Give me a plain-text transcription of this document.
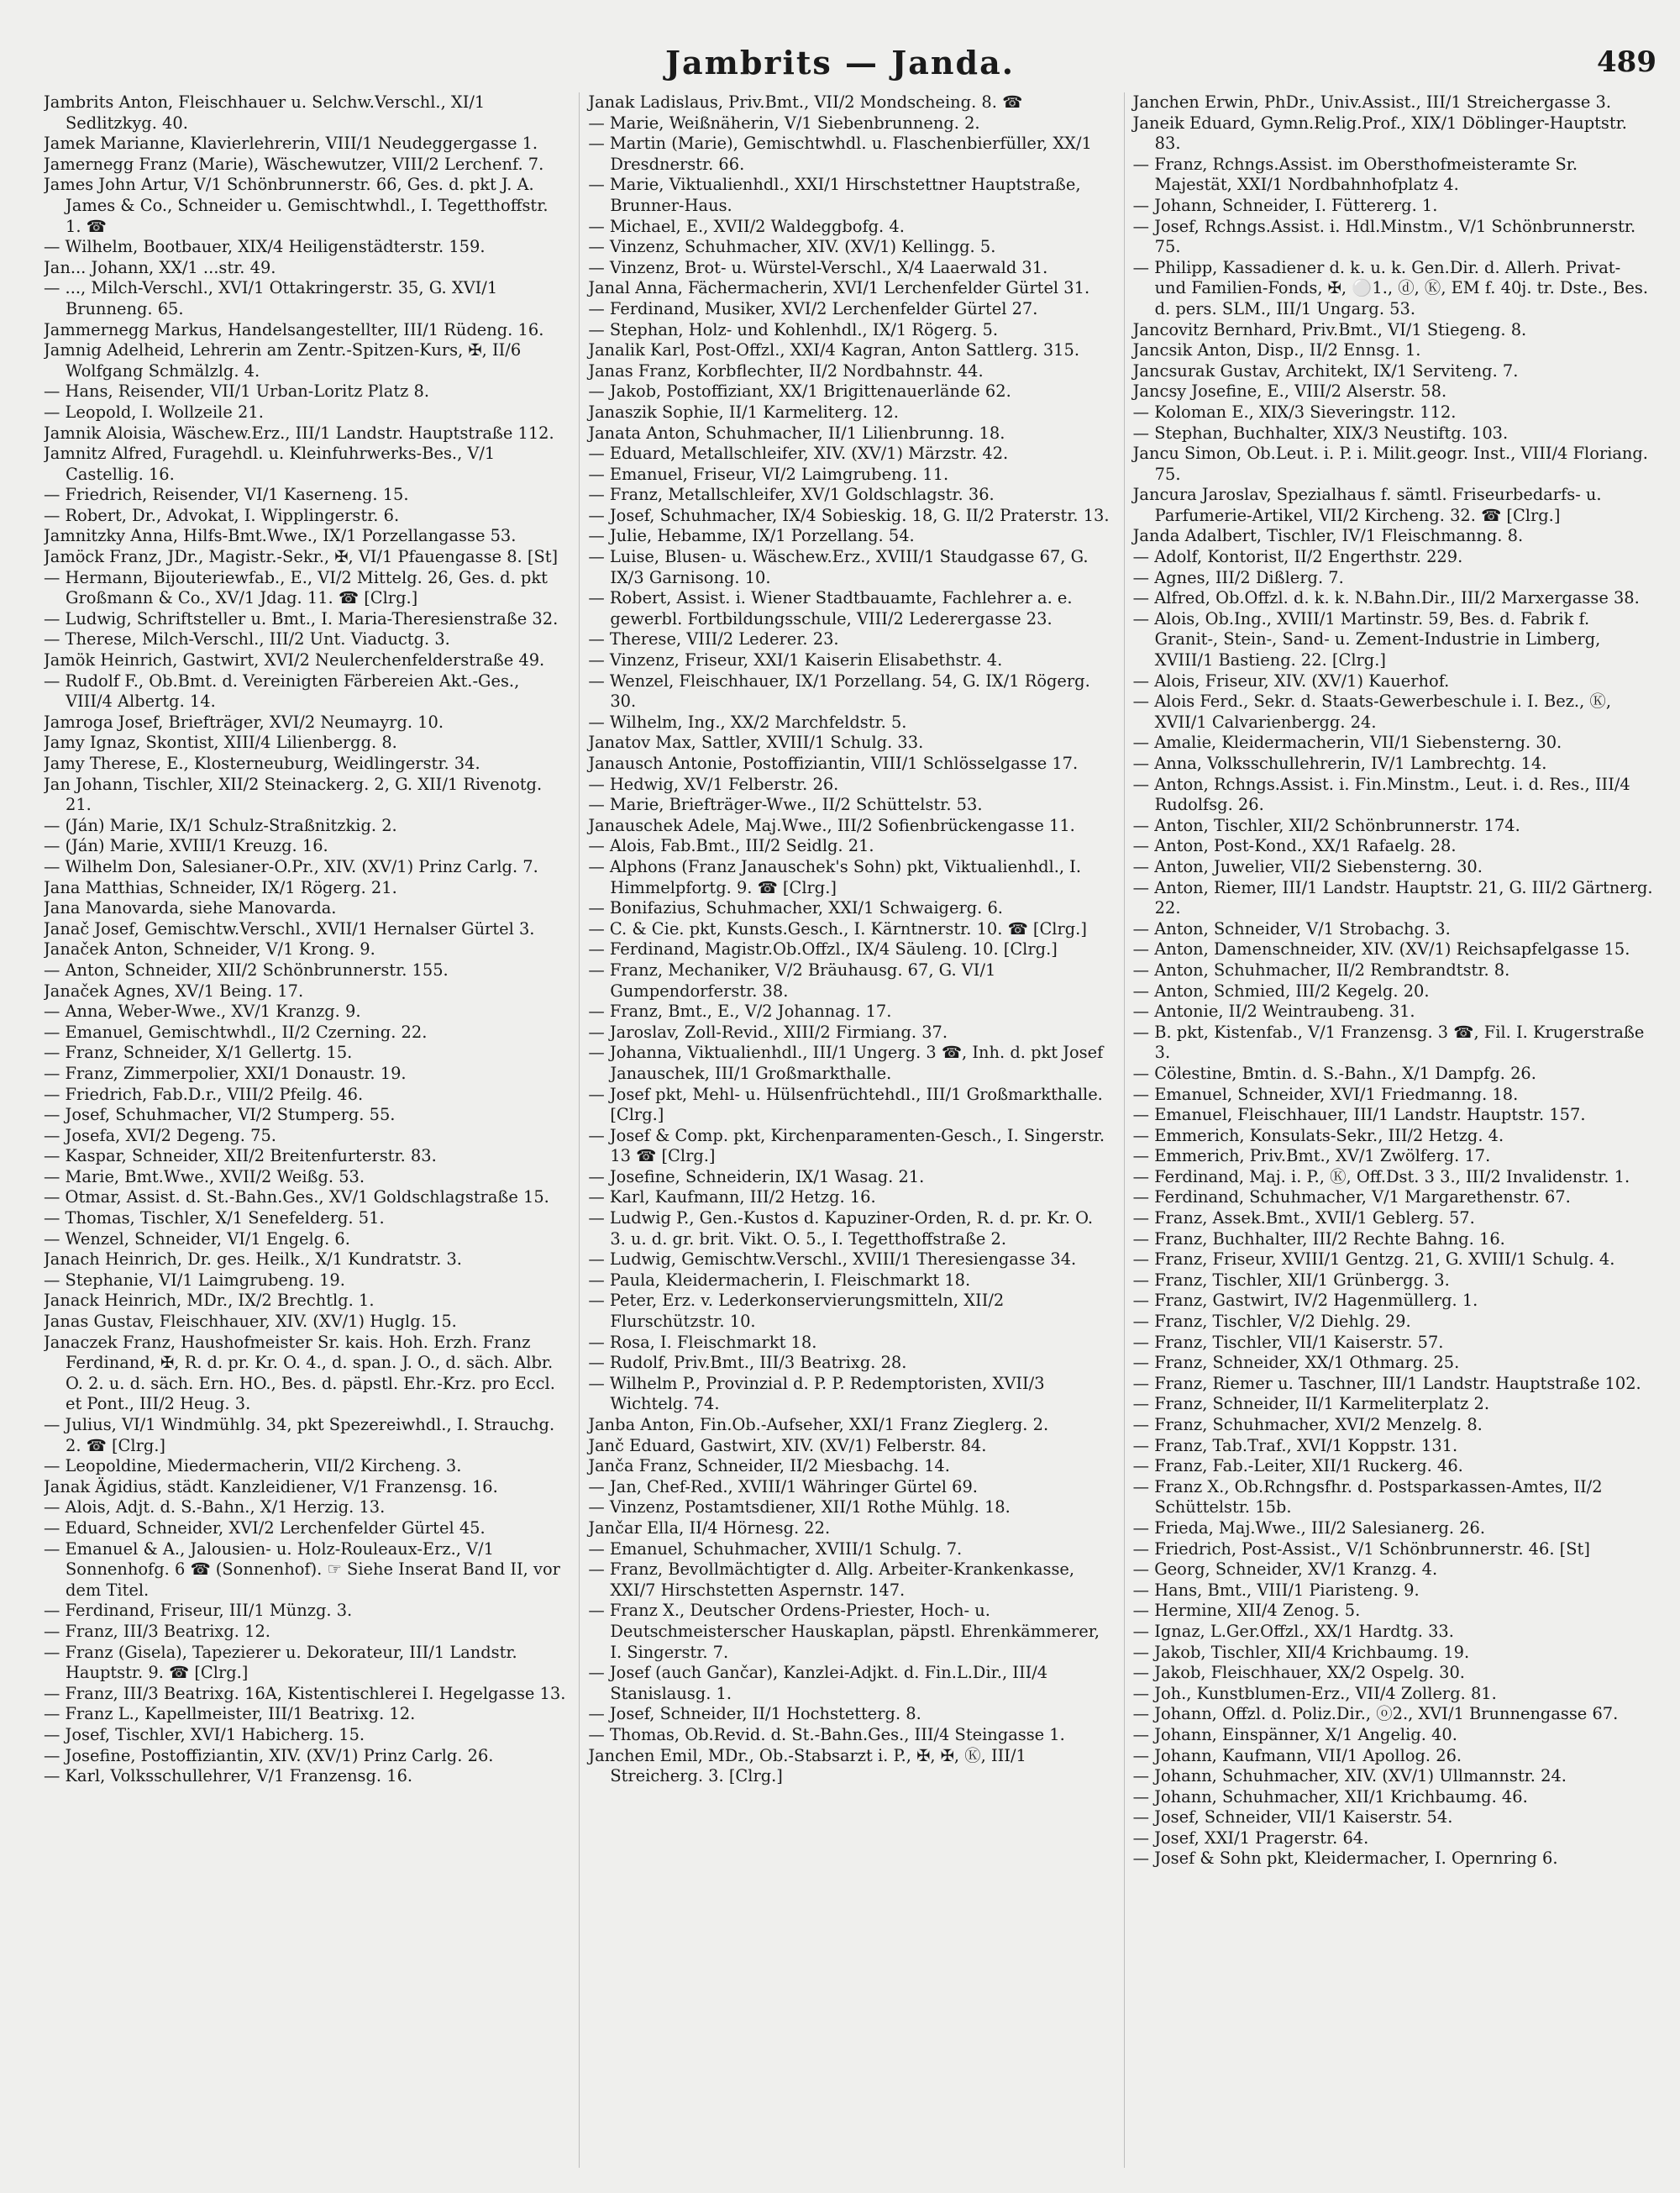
Jambrits — Janda.	489
Jambrits Anton, Fleischhauer u. Selchw.Verschl., XI/1 Sedlitzkyg. 40.
Jamek Marianne, Klavierlehrerin, VIII/1 Neudeggergasse 1.
Jamernegg Franz (Marie), Wäschewutzer, VIII/2 Lerchenf. 7.
James John Artur, V/1 Schönbrunnerstr. 66, Ges. d. pkt J. A. James & Co., Schneider u. Gemischtwhdl., I. Tegetthoffstr. 1. ☎
— Wilhelm, Bootbauer, XIX/4 Heiligenstädterstr. 159.
Jan... Johann, XX/1 ...str. 49.
— ..., Milch-Verschl., XVI/1 Ottakringerstr. 35, G. XVI/1 Brunneng. 65.
Jammernegg Markus, Handelsangestellter, III/1 Rüdeng. 16.
Jamnig Adelheid, Lehrerin am Zentr.-Spitzen-Kurs, ✠, II/6 Wolfgang Schmälzlg. 4.
— Hans, Reisender, VII/1 Urban-Loritz Platz 8.
— Leopold, I. Wollzeile 21.
Jamnik Aloisia, Wäschew.Erz., III/1 Landstr. Hauptstraße 112.
Jamnitz Alfred, Furagehdl. u. Kleinfuhrwerks-Bes., V/1 Castellig. 16.
— Friedrich, Reisender, VI/1 Kaserneng. 15.
— Robert, Dr., Advokat, I. Wipplingerstr. 6.
Jamnitzky Anna, Hilfs-Bmt.Wwe., IX/1 Porzellangasse 53.
Jamöck Franz, JDr., Magistr.-Sekr., ✠, VI/1 Pfauengasse 8. [St]
— Hermann, Bijouteriewfab., E., VI/2 Mittelg. 26, Ges. d. pkt Großmann & Co., XV/1 Jdag. 11. ☎ [Clrg.]
— Ludwig, Schriftsteller u. Bmt., I. Maria-Theresienstraße 32.
— Therese, Milch-Verschl., III/2 Unt. Viaductg. 3.
Jamök Heinrich, Gastwirt, XVI/2 Neulerchenfelderstraße 49.
— Rudolf F., Ob.Bmt. d. Vereinigten Färbereien Akt.-Ges., VIII/4 Albertg. 14.
Jamroga Josef, Briefträger, XVI/2 Neumayrg. 10.
Jamy Ignaz, Skontist, XIII/4 Lilienbergg. 8.
Jamy Therese, E., Klosterneuburg, Weidlingerstr. 34.
Jan Johann, Tischler, XII/2 Steinackerg. 2, G. XII/1 Rivenotg. 21.
— (Ján) Marie, IX/1 Schulz-Straßnitzkig. 2.
— (Ján) Marie, XVIII/1 Kreuzg. 16.
— Wilhelm Don, Salesianer-O.Pr., XIV. (XV/1) Prinz Carlg. 7.
Jana Matthias, Schneider, IX/1 Rögerg. 21.
Jana Manovarda, siehe Manovarda.
Janač Josef, Gemischtw.Verschl., XVII/1 Hernalser Gürtel 3.
Janaček Anton, Schneider, V/1 Krong. 9.
— Anton, Schneider, XII/2 Schönbrunnerstr. 155.
Janaček Agnes, XV/1 Being. 17.
— Anna, Weber-Wwe., XV/1 Kranzg. 9.
— Emanuel, Gemischtwhdl., II/2 Czerning. 22.
— Franz, Schneider, X/1 Gellertg. 15.
— Franz, Zimmerpolier, XXI/1 Donaustr. 19.
— Friedrich, Fab.D.r., VIII/2 Pfeilg. 46.
— Josef, Schuhmacher, VI/2 Stumperg. 55.
— Josefa, XVI/2 Degeng. 75.
— Kaspar, Schneider, XII/2 Breitenfurterstr. 83.
— Marie, Bmt.Wwe., XVII/2 Weißg. 53.
— Otmar, Assist. d. St.-Bahn.Ges., XV/1 Goldschlagstraße 15.
— Thomas, Tischler, X/1 Senefelderg. 51.
— Wenzel, Schneider, VI/1 Engelg. 6.
Janach Heinrich, Dr. ges. Heilk., X/1 Kundratstr. 3.
— Stephanie, VI/1 Laimgrubeng. 19.
Janack Heinrich, MDr., IX/2 Brechtlg. 1.
Janas Gustav, Fleischhauer, XIV. (XV/1) Huglg. 15.
Janaczek Franz, Haushofmeister Sr. kais. Hoh. Erzh. Franz Ferdinand, ✠, R. d. pr. Kr. O. 4., d. span. J. O., d. säch. Albr. O. 2. u. d. säch. Ern. HO., Bes. d. päpstl. Ehr.-Krz. pro Eccl. et Pont., III/2 Heug. 3.
— Julius, VI/1 Windmühlg. 34, pkt Spezereiwhdl., I. Strauchg. 2. ☎ [Clrg.]
— Leopoldine, Miedermacherin, VII/2 Kircheng. 3.
Janak Ägidius, städt. Kanzleidiener, V/1 Franzensg. 16.
— Alois, Adjt. d. S.-Bahn., X/1 Herzig. 13.
— Eduard, Schneider, XVI/2 Lerchenfelder Gürtel 45.
— Emanuel & A., Jalousien- u. Holz-Rouleaux-Erz., V/1 Sonnenhofg. 6 ☎ (Sonnenhof). ☞ Siehe Inserat Band II, vor dem Titel.
— Ferdinand, Friseur, III/1 Münzg. 3.
— Franz, III/3 Beatrixg. 12.
— Franz (Gisela), Tapezierer u. Dekorateur, III/1 Landstr. Hauptstr. 9. ☎ [Clrg.]
— Franz, III/3 Beatrixg. 16A, Kistentischlerei I. Hegelgasse 13.
— Franz L., Kapellmeister, III/1 Beatrixg. 12.
— Josef, Tischler, XVI/1 Habicherg. 15.
— Josefine, Postoffiziantin, XIV. (XV/1) Prinz Carlg. 26.
— Karl, Volksschullehrer, V/1 Franzensg. 16.
Janak Ladislaus, Priv.Bmt., VII/2 Mondscheing. 8. ☎
— Marie, Weißnäherin, V/1 Siebenbrunneng. 2.
— Martin (Marie), Gemischtwhdl. u. Flaschenbierfüller, XX/1 Dresdnerstr. 66.
— Marie, Viktualienhdl., XXI/1 Hirschstettner Hauptstraße, Brunner-Haus.
— Michael, E., XVII/2 Waldeggbofg. 4.
— Vinzenz, Schuhmacher, XIV. (XV/1) Kellingg. 5.
— Vinzenz, Brot- u. Würstel-Verschl., X/4 Laaerwald 31.
Janal Anna, Fächermacherin, XVI/1 Lerchenfelder Gürtel 31.
— Ferdinand, Musiker, XVI/2 Lerchenfelder Gürtel 27.
— Stephan, Holz- und Kohlenhdl., IX/1 Rögerg. 5.
Janalik Karl, Post-Offzl., XXI/4 Kagran, Anton Sattlerg. 315.
Janas Franz, Korbflechter, II/2 Nordbahnstr. 44.
— Jakob, Postoffiziant, XX/1 Brigittenauerlände 62.
Janaszik Sophie, II/1 Karmeliterg. 12.
Janata Anton, Schuhmacher, II/1 Lilienbrunng. 18.
— Eduard, Metallschleifer, XIV. (XV/1) Märzstr. 42.
— Emanuel, Friseur, VI/2 Laimgrubeng. 11.
— Franz, Metallschleifer, XV/1 Goldschlagstr. 36.
— Josef, Schuhmacher, IX/4 Sobieskig. 18, G. II/2 Praterstr. 13.
— Julie, Hebamme, IX/1 Porzellang. 54.
— Luise, Blusen- u. Wäschew.Erz., XVIII/1 Staudgasse 67, G. IX/3 Garnisong. 10.
— Robert, Assist. i. Wiener Stadtbauamte, Fachlehrer a. e. gewerbl. Fortbildungsschule, VIII/2 Lederergasse 23.
— Therese, VIII/2 Lederer. 23.
— Vinzenz, Friseur, XXI/1 Kaiserin Elisabethstr. 4.
— Wenzel, Fleischhauer, IX/1 Porzellang. 54, G. IX/1 Rögerg. 30.
— Wilhelm, Ing., XX/2 Marchfeldstr. 5.
Janatov Max, Sattler, XVIII/1 Schulg. 33.
Janausch Antonie, Postoffiziantin, VIII/1 Schlösselgasse 17.
— Hedwig, XV/1 Felberstr. 26.
— Marie, Briefträger-Wwe., II/2 Schüttelstr. 53.
Janauschek Adele, Maj.Wwe., III/2 Sofienbrückengasse 11.
— Alois, Fab.Bmt., III/2 Seidlg. 21.
— Alphons (Franz Janauschek's Sohn) pkt, Viktualienhdl., I. Himmelpfortg. 9. ☎ [Clrg.]
— Bonifazius, Schuhmacher, XXI/1 Schwaigerg. 6.
— C. & Cie. pkt, Kunsts.Gesch., I. Kärntnerstr. 10. ☎ [Clrg.]
— Ferdinand, Magistr.Ob.Offzl., IX/4 Säuleng. 10. [Clrg.]
— Franz, Mechaniker, V/2 Bräuhausg. 67, G. VI/1 Gumpendorferstr. 38.
— Franz, Bmt., E., V/2 Johannag. 17.
— Jaroslav, Zoll-Revid., XIII/2 Firmiang. 37.
— Johanna, Viktualienhdl., III/1 Ungerg. 3 ☎, Inh. d. pkt Josef Janauschek, III/1 Großmarkthalle.
— Josef pkt, Mehl- u. Hülsenfrüchtehdl., III/1 Großmarkthalle. [Clrg.]
— Josef & Comp. pkt, Kirchenparamenten-Gesch., I. Singerstr. 13 ☎ [Clrg.]
— Josefine, Schneiderin, IX/1 Wasag. 21.
— Karl, Kaufmann, III/2 Hetzg. 16.
— Ludwig P., Gen.-Kustos d. Kapuziner-Orden, R. d. pr. Kr. O. 3. u. d. gr. brit. Vikt. O. 5., I. Tegetthoffstraße 2.
— Ludwig, Gemischtw.Verschl., XVIII/1 Theresiengasse 34.
— Paula, Kleidermacherin, I. Fleischmarkt 18.
— Peter, Erz. v. Lederkonservierungsmitteln, XII/2 Flurschützstr. 10.
— Rosa, I. Fleischmarkt 18.
— Rudolf, Priv.Bmt., III/3 Beatrixg. 28.
— Wilhelm P., Provinzial d. P. P. Redemptoristen, XVII/3 Wichtelg. 74.
Janba Anton, Fin.Ob.-Aufseher, XXI/1 Franz Zieglerg. 2.
Janč Eduard, Gastwirt, XIV. (XV/1) Felberstr. 84.
Janča Franz, Schneider, II/2 Miesbachg. 14.
— Jan, Chef-Red., XVIII/1 Währinger Gürtel 69.
— Vinzenz, Postamtsdiener, XII/1 Rothe Mühlg. 18.
Jančar Ella, II/4 Hörnesg. 22.
— Emanuel, Schuhmacher, XVIII/1 Schulg. 7.
— Franz, Bevollmächtigter d. Allg. Arbeiter-Krankenkasse, XXI/7 Hirschstetten Aspernstr. 147.
— Franz X., Deutscher Ordens-Priester, Hoch- u. Deutschmeisterscher Hauskaplan, päpstl. Ehrenkämmerer, I. Singerstr. 7.
— Josef (auch Gančar), Kanzlei-Adjkt. d. Fin.L.Dir., III/4 Stanislausg. 1.
— Josef, Schneider, II/1 Hochstetterg. 8.
— Thomas, Ob.Revid. d. St.-Bahn.Ges., III/4 Steingasse 1.
Janchen Emil, MDr., Ob.-Stabsarzt i. P., ✠, ✠, Ⓚ, III/1 Streicherg. 3. [Clrg.]
Janchen Erwin, PhDr., Univ.Assist., III/1 Streichergasse 3.
Janeik Eduard, Gymn.Relig.Prof., XIX/1 Döblinger-Hauptstr. 83.
— Franz, Rchngs.Assist. im Obersthofmeisteramte Sr. Majestät, XXI/1 Nordbahnhofplatz 4.
— Johann, Schneider, I. Füttererg. 1.
— Josef, Rchngs.Assist. i. Hdl.Minstm., V/1 Schönbrunnerstr. 75.
— Philipp, Kassadiener d. k. u. k. Gen.Dir. d. Allerh. Privat- und Familien-Fonds, ✠, ⚪1., ⓓ, Ⓚ, EM f. 40j. tr. Dste., Bes. d. pers. SLM., III/1 Ungarg. 53.
Jancovitz Bernhard, Priv.Bmt., VI/1 Stiegeng. 8.
Jancsik Anton, Disp., II/2 Ennsg. 1.
Jancsurak Gustav, Architekt, IX/1 Serviteng. 7.
Jancsy Josefine, E., VIII/2 Alserstr. 58.
— Koloman E., XIX/3 Sieveringstr. 112.
— Stephan, Buchhalter, XIX/3 Neustiftg. 103.
Jancu Simon, Ob.Leut. i. P. i. Milit.geogr. Inst., VIII/4 Floriang. 75.
Jancura Jaroslav, Spezialhaus f. sämtl. Friseurbedarfs- u. Parfumerie-Artikel, VII/2 Kircheng. 32. ☎ [Clrg.]
Janda Adalbert, Tischler, IV/1 Fleischmanng. 8.
— Adolf, Kontorist, II/2 Engerthstr. 229.
— Agnes, III/2 Dißlerg. 7.
— Alfred, Ob.Offzl. d. k. k. N.Bahn.Dir., III/2 Marxergasse 38.
— Alois, Ob.Ing., XVIII/1 Martinstr. 59, Bes. d. Fabrik f. Granit-, Stein-, Sand- u. Zement-Industrie in Limberg, XVIII/1 Bastieng. 22. [Clrg.]
— Alois, Friseur, XIV. (XV/1) Kauerhof.
— Alois Ferd., Sekr. d. Staats-Gewerbeschule i. I. Bez., Ⓚ, XVII/1 Calvarienbergg. 24.
— Amalie, Kleidermacherin, VII/1 Siebensterng. 30.
— Anna, Volksschullehrerin, IV/1 Lambrechtg. 14.
— Anton, Rchngs.Assist. i. Fin.Minstm., Leut. i. d. Res., III/4 Rudolfsg. 26.
— Anton, Tischler, XII/2 Schönbrunnerstr. 174.
— Anton, Post-Kond., XX/1 Rafaelg. 28.
— Anton, Juwelier, VII/2 Siebensterng. 30.
— Anton, Riemer, III/1 Landstr. Hauptstr. 21, G. III/2 Gärtnerg. 22.
— Anton, Schneider, V/1 Strobachg. 3.
— Anton, Damenschneider, XIV. (XV/1) Reichsapfelgasse 15.
— Anton, Schuhmacher, II/2 Rembrandtstr. 8.
— Anton, Schmied, III/2 Kegelg. 20.
— Antonie, II/2 Weintraubeng. 31.
— B. pkt, Kistenfab., V/1 Franzensg. 3 ☎, Fil. I. Krugerstraße 3.
— Cölestine, Bmtin. d. S.-Bahn., X/1 Dampfg. 26.
— Emanuel, Schneider, XVI/1 Friedmanng. 18.
— Emanuel, Fleischhauer, III/1 Landstr. Hauptstr. 157.
— Emmerich, Konsulats-Sekr., III/2 Hetzg. 4.
— Emmerich, Priv.Bmt., XV/1 Zwölferg. 17.
— Ferdinand, Maj. i. P., Ⓚ, Off.Dst. 3 3., III/2 Invalidenstr. 1.
— Ferdinand, Schuhmacher, V/1 Margarethenstr. 67.
— Franz, Assek.Bmt., XVII/1 Geblerg. 57.
— Franz, Buchhalter, III/2 Rechte Bahng. 16.
— Franz, Friseur, XVIII/1 Gentzg. 21, G. XVIII/1 Schulg. 4.
— Franz, Tischler, XII/1 Grünbergg. 3.
— Franz, Gastwirt, IV/2 Hagenmüllerg. 1.
— Franz, Tischler, V/2 Diehlg. 29.
— Franz, Tischler, VII/1 Kaiserstr. 57.
— Franz, Schneider, XX/1 Othmarg. 25.
— Franz, Riemer u. Taschner, III/1 Landstr. Hauptstraße 102.
— Franz, Schneider, II/1 Karmeliterplatz 2.
— Franz, Schuhmacher, XVI/2 Menzelg. 8.
— Franz, Tab.Traf., XVI/1 Koppstr. 131.
— Franz, Fab.-Leiter, XII/1 Ruckerg. 46.
— Franz X., Ob.Rchngsfhr. d. Postsparkassen-Amtes, II/2 Schüttelstr. 15b.
— Frieda, Maj.Wwe., III/2 Salesianerg. 26.
— Friedrich, Post-Assist., V/1 Schönbrunnerstr. 46. [St]
— Georg, Schneider, XV/1 Kranzg. 4.
— Hans, Bmt., VIII/1 Piaristeng. 9.
— Hermine, XII/4 Zenog. 5.
— Ignaz, L.Ger.Offzl., XX/1 Hardtg. 33.
— Jakob, Tischler, XII/4 Krichbaumg. 19.
— Jakob, Fleischhauer, XX/2 Ospelg. 30.
— Joh., Kunstblumen-Erz., VII/4 Zollerg. 81.
— Johann, Offzl. d. Poliz.Dir., ⓞ2., XVI/1 Brunnengasse 67.
— Johann, Einspänner, X/1 Angelig. 40.
— Johann, Kaufmann, VII/1 Apollog. 26.
— Johann, Schuhmacher, XIV. (XV/1) Ullmannstr. 24.
— Johann, Schuhmacher, XII/1 Krichbaumg. 46.
— Josef, Schneider, VII/1 Kaiserstr. 54.
— Josef, XXI/1 Pragerstr. 64.
— Josef & Sohn pkt, Kleidermacher, I. Opernring 6.
